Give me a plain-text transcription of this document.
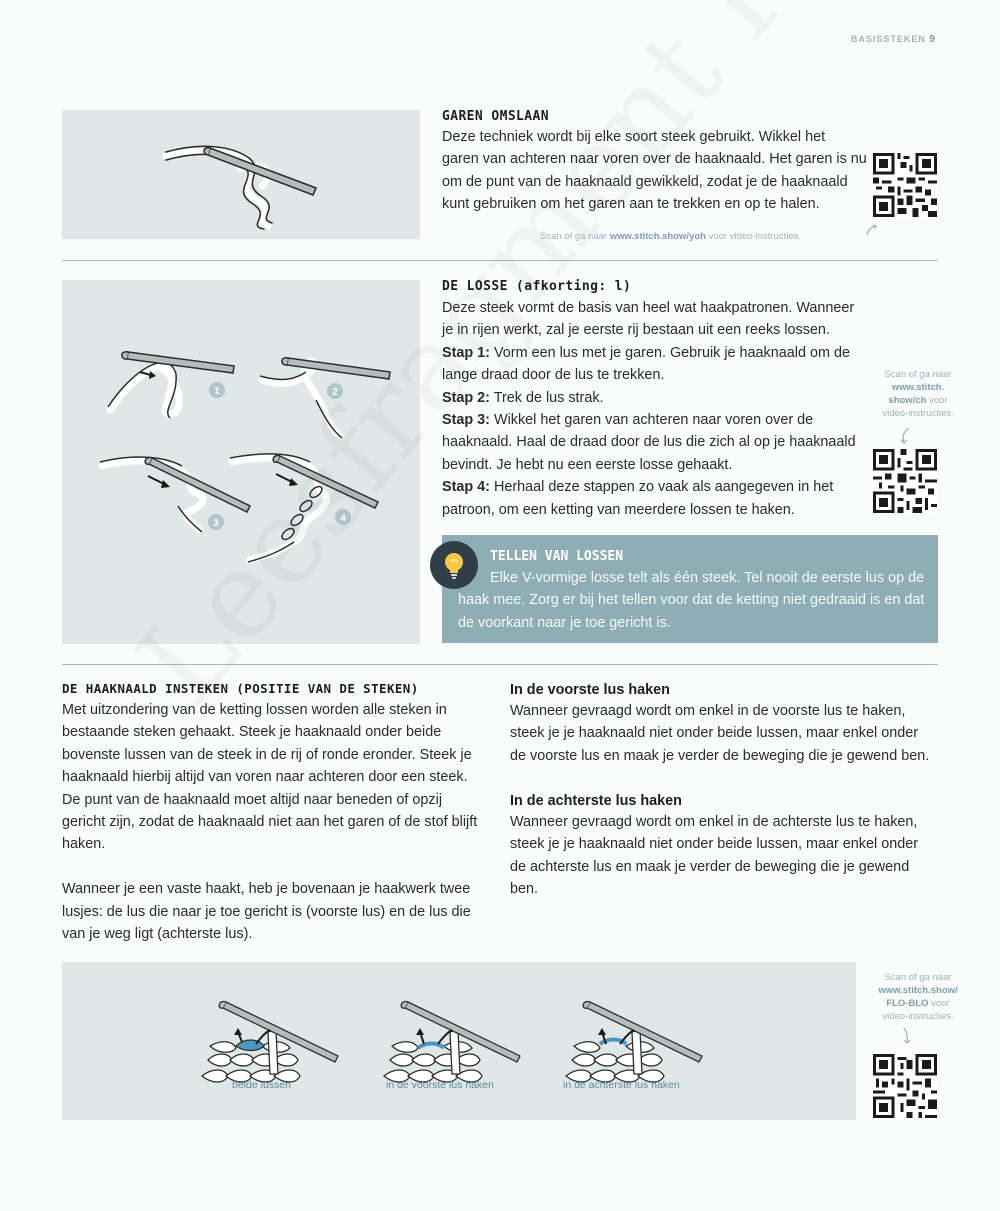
BASISSTEKEN 9
GAREN OMSLAAN
Deze techniek wordt bij elke soort steek gebruikt. Wikkel het
garen van achteren naar voren over de haaknaald. Het garen is nu
om de punt van de haaknaald gewikkeld, zodat je de haaknaald
kunt gebruiken om het garen aan te trekken en op te halen.
Scan of ga naar www.stitch.show/yoh voor video-instructies.
1	2
3	4
DE LOSSE (afkorting: l)
Deze steek vormt de basis van heel wat haakpatronen. Wanneer
je in rijen werkt, zal je eerste rij bestaan uit een reeks lossen.
Stap 1: Vorm een lus met je garen. Gebruik je haaknaald om de
lange draad door de lus te trekken.
Stap 2: Trek de lus strak.
Stap 3: Wikkel het garen van achteren naar voren over de
haaknaald. Haal de draad door de lus die zich al op je haaknaald
bevindt. Je hebt nu een eerste losse gehaakt.
Stap 4: Herhaal deze stappen zo vaak als aangegeven in het
patroon, om een ketting van meerdere lossen te haken.
Scan of ga naar
www.stitch.
show/ch voor
video-instructies.
TELLEN VAN LOSSEN
Elke V-vormige losse telt als één steek. Tel nooit de eerste lus op de haak mee. Zorg er bij het tellen voor dat de ketting niet gedraaid is en dat de voorkant naar je toe gericht is.
DE HAAKNAALD INSTEKEN (POSITIE VAN DE STEKEN)
Met uitzondering van de ketting lossen worden alle steken in
bestaande steken gehaakt. Steek je haaknaald onder beide
bovenste lussen van de steek in de rij of ronde eronder. Steek je
haaknaald hierbij altijd van voren naar achteren door een steek.
De punt van de haaknaald moet altijd naar beneden of opzij
gericht zijn, zodat de haaknaald niet aan het garen of de stof blijft
haken.
Wanneer je een vaste haakt, heb je bovenaan je haakwerk twee
lusjes: de lus die naar je toe gericht is (voorste lus) en de lus die
van je weg ligt (achterste lus).
In de voorste lus haken
Wanneer gevraagd wordt om enkel in de voorste lus te haken,
steek je je haaknaald niet onder beide lussen, maar enkel onder
de voorste lus en maak je verder de beweging die je gewend ben.
In de achterste lus haken
Wanneer gevraagd wordt om enkel in de achterste lus te haken,
steek je je haaknaald niet onder beide lussen, maar enkel onder
de achterste lus en maak je verder de beweging die je gewend
ben.
beide lussen	in de voorste lus haken	in de achterste lus haken
Scan of ga naar
www.stitch.show/
FLO-BLO voor
video-instructies.
